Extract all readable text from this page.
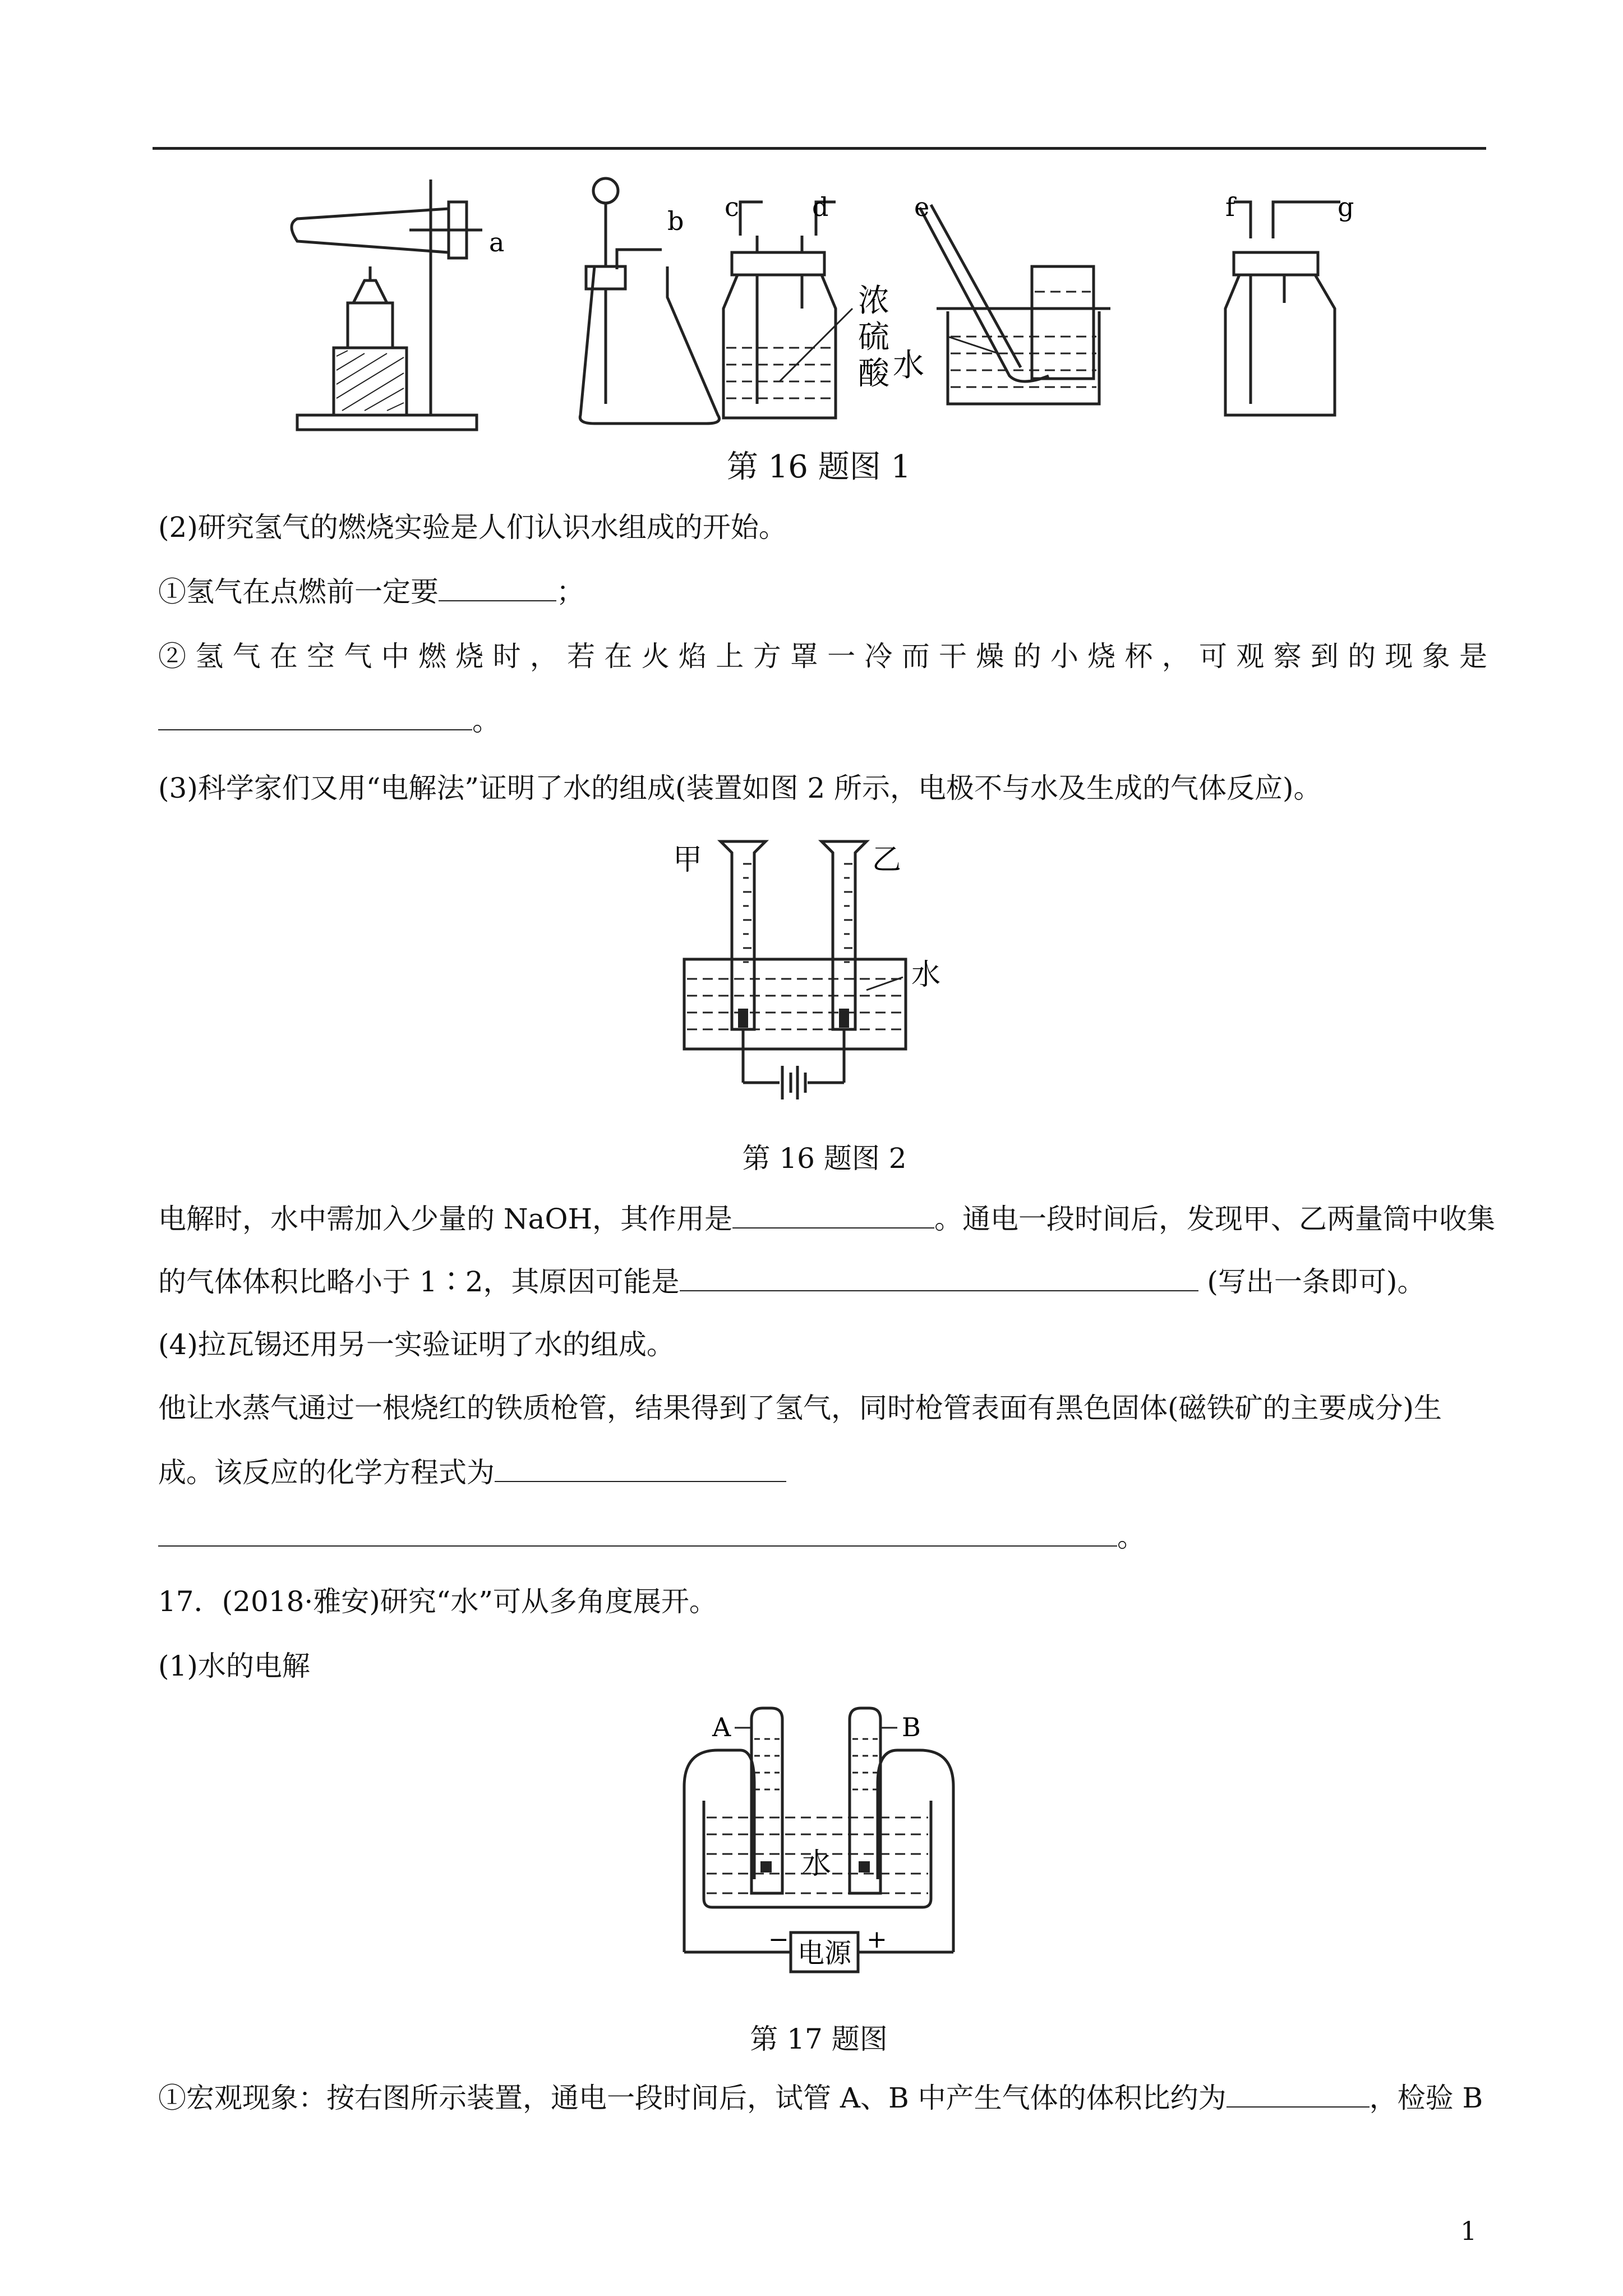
a
b c	d
浓
硫
酸
e
水
f	g
第 16 题图 1
(2)研究氢气的燃烧实验是人们认识水组成的开始。
①氢气在点燃前一定要	；
②氢气在空气中燃烧时，若在火焰上方罩一冷而干燥的小烧杯，可观察到的现象是
。
(3)科学家们又用“电解法”证明了水的组成(装置如图 2 所示，电极不与水及生成的气体反应)。
甲	乙
水
第 16 题图 2
电解时，水中需加入少量的 NaOH，其作用是	。通电一段时间后，发现甲、乙两量筒中收集
的气体体积比略小于 1∶2，其原因可能是	(写出一条即可)。
(4)拉瓦锡还用另一实验证明了水的组成。
他让水蒸气通过一根烧红的铁质枪管，结果得到了氢气，同时枪管表面有黑色固体(磁铁矿的主要成分)生
成。该反应的化学方程式为
。
17．(2018·雅安)研究“水”可从多角度展开。
(1)水的电解
A	B
水
−	+
电源
第 17 题图
①宏观现象：按右图所示装置，通电一段时间后，试管 A、B 中产生气体的体积比约为	，检验 B
1
